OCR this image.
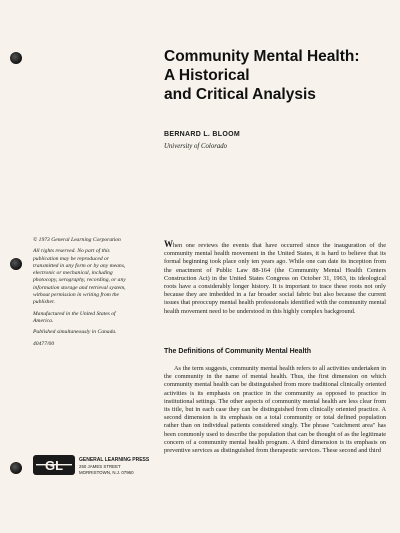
Community Mental Health:
A Historical
and Critical Analysis
BERNARD L. BLOOM
University of Colorado

© 1973 General Learning Corporation

All rights reserved. No part of this publication may be reproduced or transmitted in any form or by any means, electronic or mechanical, including photocopy, xerography, recording, or any information storage and retrieval system, without permission in writing from the publisher.

Manufactured in the United States of America.

Published simultaneously in Canada.

40477/00

When one reviews the events that have occurred since the inauguration of the community mental health movement in the United States, it is hard to believe that its formal beginning took place only ten years ago. While one can date its inception from the enactment of Public Law 88-164 (the Community Mental Health Centers Construction Act) in the United States Congress on October 31, 1963, its ideological roots have a considerably longer history. It is important to trace these roots not only because they are imbedded in a far broader social fabric but also because the current issues that preoccupy mental health professionals identified with the community mental health movement need to be understood in this highly complex background.

The Definitions of Community Mental Health

As the term suggests, community mental health refers to all activities undertaken in the community in the name of mental health. Thus, the first dimension on which community mental health can be distinguished from more traditional clinically oriented activities is its emphasis on practice in the community as opposed to practice in institutional settings. The other aspects of community mental health are less clear from its title, but in each case they can be distinguished from clinically oriented practice. A second dimension is its emphasis on a total community or total defined population rather than on individual patients considered singly. The phrase "catchment area" has been commonly used to describe the population that can be thought of as the legitimate concern of a community mental health program. A third dimension is its emphasis on preventive services as distinguished from therapeutic services. These second and third

GL	GENERAL LEARNING PRESS
250 JAMES STREET
MORRISTOWN, N.J. 07960
